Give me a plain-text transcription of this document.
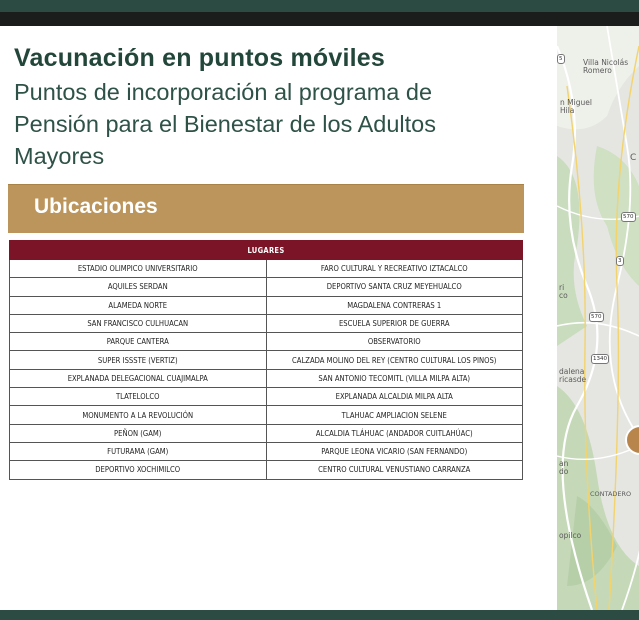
Vacunación en puntos móviles

Puntos de incorporación al programa de Pensión para el Bienestar de los Adultos Mayores

Ubicaciones
LUGARES	
ESTADIO OLIMPICO UNIVERSITARIO	FARO CULTURAL Y RECREATIVO IZTACALCO
AQUILES SERDAN	DEPORTIVO SANTA CRUZ MEYEHUALCO
ALAMEDA NORTE	MAGDALENA CONTRERAS 1
SAN FRANCISCO CULHUACAN	ESCUELA SUPERIOR DE GUERRA
PARQUE CANTERA	OBSERVATORIO
SUPER ISSSTE (VERTIZ)	CALZADA MOLINO DEL REY (CENTRO CULTURAL LOS PINOS)
EXPLANADA DELEGACIONAL CUAJIMALPA	SAN ANTONIO TECOMITL (VILLA MILPA ALTA)
TLATELOLCO	EXPLANADA ALCALDIA MILPA ALTA
MONUMENTO A LA REVOLUCIÓN	TLAHUAC AMPLIACION SELENE
PEÑON (GAM)	ALCALDIA TLÁHUAC (ANDADOR CUITLAHÚAC)
FUTURAMA (GAM)	PARQUE LEONA VICARIO (SAN FERNANDO)
DEPORTIVO XOCHIMILCO	CENTRO CULTURAL VENUSTIANO CARRANZA
Villa Nicolás
Romero
n Miguel
Hila
C
ri
co
dalena
ricasde
an
do
CONTADERO
opilco
5
570
3
570
1340
